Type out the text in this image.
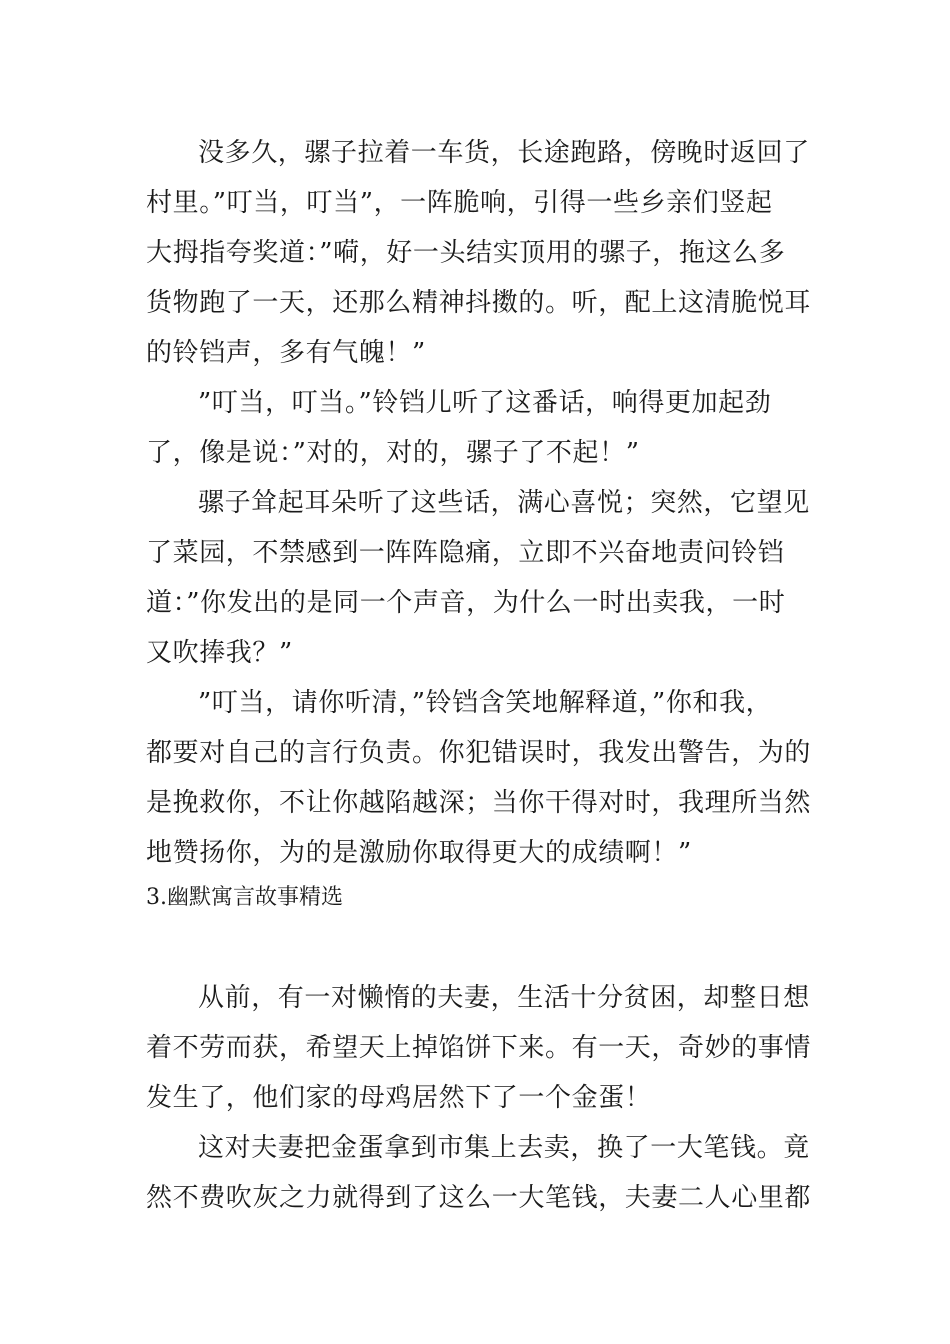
没多久，骡子拉着一车货，长途跑路，傍晚时返回了
村里。”叮当，叮当”，一阵脆响，引得一些乡亲们竖起
大拇指夸奖道：”嗬，好一头结实顶用的骡子，拖这么多
货物跑了一天，还那么精神抖擞的。听，配上这清脆悦耳
的铃铛声，多有气魄！”
”叮当，叮当。”铃铛儿听了这番话，响得更加起劲
了，像是说：”对的，对的，骡子了不起！”
骡子耸起耳朵听了这些话，满心喜悦；突然，它望见
了菜园，不禁感到一阵阵隐痛，立即不兴奋地责问铃铛
道：”你发出的是同一个声音，为什么一时出卖我，一时
又吹捧我？”
”叮当，请你听清，”铃铛含笑地解释道，”你和我，
都要对自己的言行负责。你犯错误时，我发出警告，为的
是挽救你，不让你越陷越深；当你干得对时，我理所当然
地赞扬你，为的是激励你取得更大的成绩啊！”
3.幽默寓言故事精选
从前，有一对懒惰的夫妻，生活十分贫困，却整日想
着不劳而获，希望天上掉馅饼下来。有一天，奇妙的事情
发生了，他们家的母鸡居然下了一个金蛋！
这对夫妻把金蛋拿到市集上去卖，换了一大笔钱。竟
然不费吹灰之力就得到了这么一大笔钱，夫妻二人心里都
